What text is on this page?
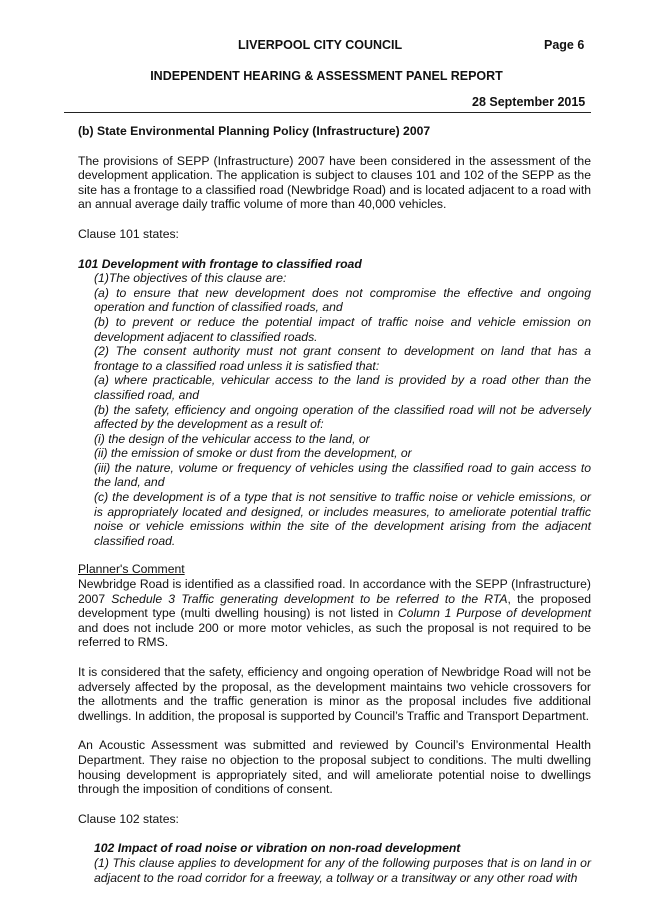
LIVERPOOL CITY COUNCIL	Page 6
INDEPENDENT HEARING & ASSESSMENT PANEL REPORT
28 September 2015

(b) State Environmental Planning Policy (Infrastructure) 2007

The provisions of SEPP (Infrastructure) 2007 have been considered in the assessment of the development application. The application is subject to clauses 101 and 102 of the SEPP as the site has a frontage to a classified road (Newbridge Road) and is located adjacent to a road with an annual average daily traffic volume of more than 40,000 vehicles.

Clause 101 states:

101 Development with frontage to classified road

(1)The objectives of this clause are:

(a) to ensure that new development does not compromise the effective and ongoing operation and function of classified roads, and

(b) to prevent or reduce the potential impact of traffic noise and vehicle emission on development adjacent to classified roads.

(2) The consent authority must not grant consent to development on land that has a frontage to a classified road unless it is satisfied that:

(a) where practicable, vehicular access to the land is provided by a road other than the classified road, and

(b) the safety, efficiency and ongoing operation of the classified road will not be adversely affected by the development as a result of:

(i) the design of the vehicular access to the land, or

(ii) the emission of smoke or dust from the development, or

(iii) the nature, volume or frequency of vehicles using the classified road to gain access to the land, and

(c) the development is of a type that is not sensitive to traffic noise or vehicle emissions, or is appropriately located and designed, or includes measures, to ameliorate potential traffic noise or vehicle emissions within the site of the development arising from the adjacent classified road.

Planner's Comment

Newbridge Road is identified as a classified road. In accordance with the SEPP (Infrastructure) 2007 Schedule 3 Traffic generating development to be referred to the RTA, the proposed development type (multi dwelling housing) is not listed in Column 1 Purpose of development and does not include 200 or more motor vehicles, as such the proposal is not required to be referred to RMS.

It is considered that the safety, efficiency and ongoing operation of Newbridge Road will not be adversely affected by the proposal, as the development maintains two vehicle crossovers for the allotments and the traffic generation is minor as the proposal includes five additional dwellings. In addition, the proposal is supported by Council’s Traffic and Transport Department.

An Acoustic Assessment was submitted and reviewed by Council’s Environmental Health Department. They raise no objection to the proposal subject to conditions. The multi dwelling housing development is appropriately sited, and will ameliorate potential noise to dwellings through the imposition of conditions of consent.

Clause 102 states:

102 Impact of road noise or vibration on non-road development

(1) This clause applies to development for any of the following purposes that is on land in or adjacent to the road corridor for a freeway, a tollway or a transitway or any other road with
